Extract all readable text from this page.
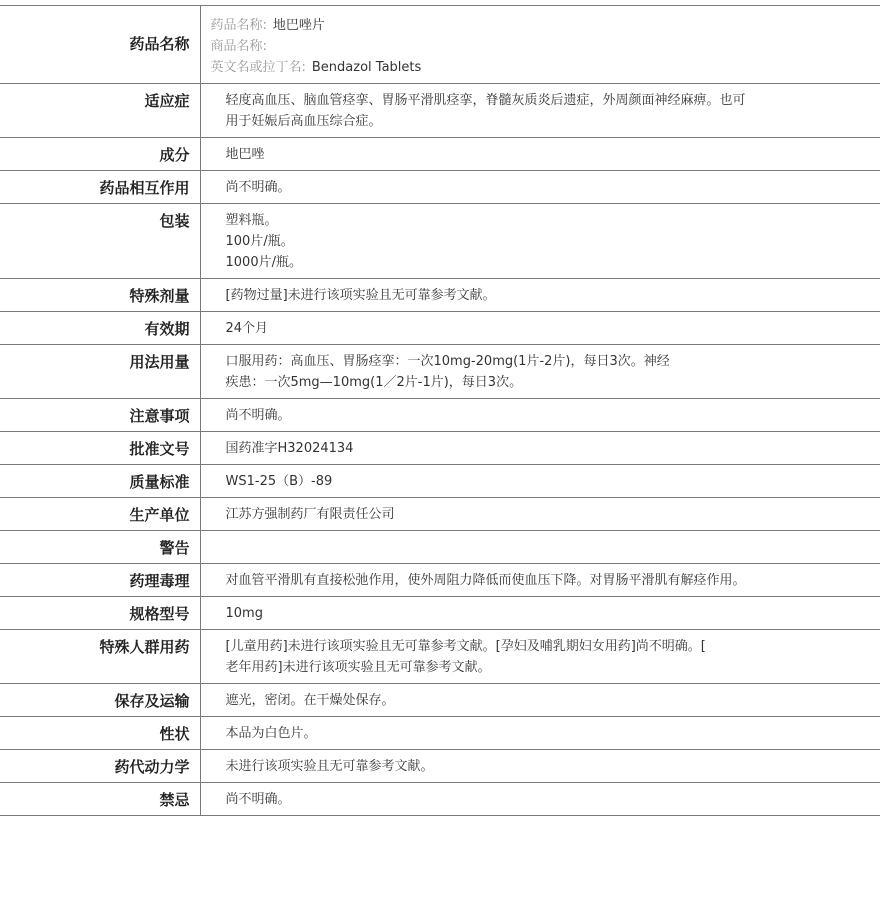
药品名称	药品名称: 地巴唑片
商品名称:
英文名或拉丁名: Bendazol Tablets

适应症	轻度高血压、脑血管痉挛、胃肠平滑肌痉挛，脊髓灰质炎后遗症，外周颜面神经麻痹。也可
用于妊娠后高血压综合症。

成分	地巴唑

药品相互作用	尚不明确。

包装	塑料瓶。
100片/瓶。
1000片/瓶。

特殊剂量	[药物过量]未进行该项实验且无可靠参考文献。

有效期	24个月

用法用量	口服用药：高血压、胃肠痉挛：一次10mg-20mg(1片-2片)，每日3次。神经
疾患：一次5mg—10mg(1／2片-1片)，每日3次。

注意事项	尚不明确。

批准文号	国药准字H32024134

质量标准	WS1-25（B）-89

生产单位	江苏方强制药厂有限责任公司

警告	

药理毒理	对血管平滑肌有直接松弛作用，使外周阻力降低而使血压下降。对胃肠平滑肌有解痉作用。

规格型号	10mg

特殊人群用药	[儿童用药]未进行该项实验且无可靠参考文献。[孕妇及哺乳期妇女用药]尚不明确。[
老年用药]未进行该项实验且无可靠参考文献。

保存及运输	遮光，密闭。在干燥处保存。

性状	本品为白色片。

药代动力学	未进行该项实验且无可靠参考文献。

禁忌	尚不明确。
